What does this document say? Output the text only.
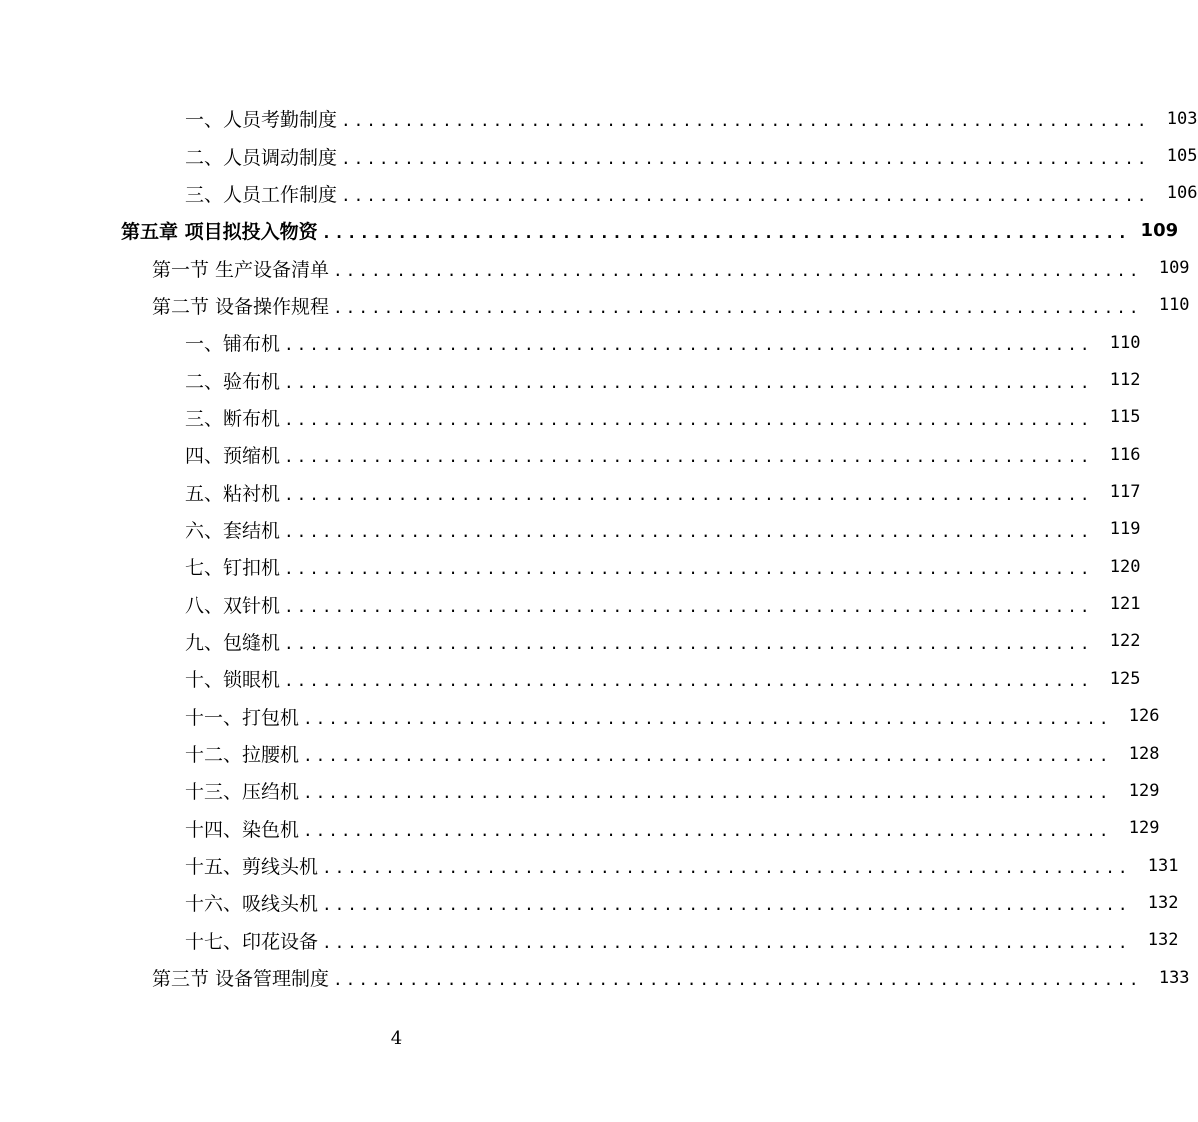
一、人员考勤制度 ................................................................	103
二、人员调动制度 ................................................................	105
三、人员工作制度 ................................................................	106
第五章 项目拟投入物资 ................................................................ 109
第一节 生产设备清单 ................................................................	109
第二节 设备操作规程 ................................................................	110
一、铺布机 ................................................................	110
二、验布机 ................................................................	112
三、断布机 ................................................................	115
四、预缩机 ................................................................	116
五、粘衬机 ................................................................	117
六、套结机 ................................................................	119
七、钉扣机 ................................................................	120
八、双针机 ................................................................	121
九、包缝机 ................................................................	122
十、锁眼机 ................................................................	125
十一、打包机 ................................................................	126
十二、拉腰机 ................................................................	128
十三、压绉机 ................................................................	129
十四、染色机 ................................................................	129
十五、剪线头机 ................................................................	131
十六、吸线头机 ................................................................	132
十七、印花设备 ................................................................	132
第三节 设备管理制度 ................................................................	133
4
